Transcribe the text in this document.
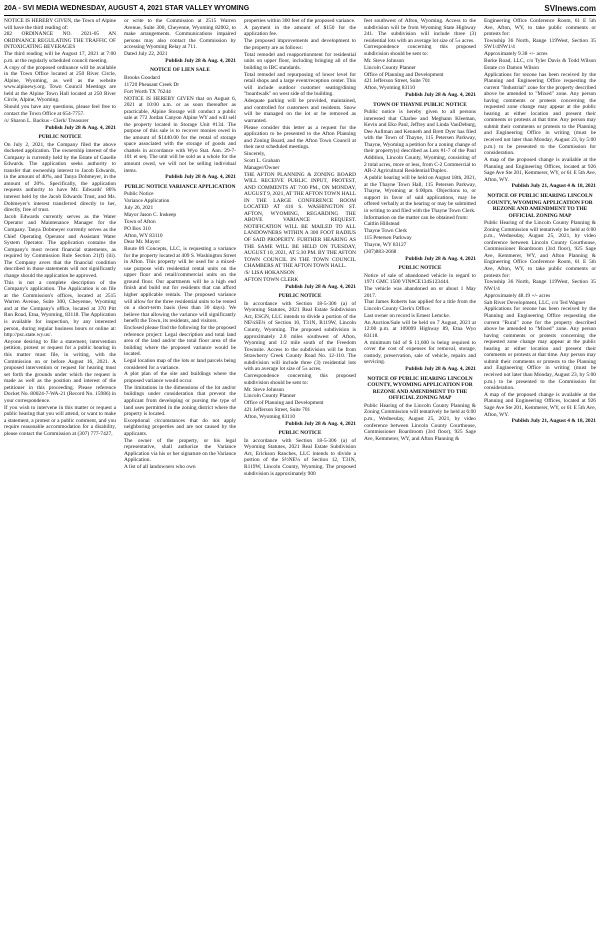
20A - SVI MEDIA WEDNESDAY, AUGUST 4, 2021 STAR VALLEY WYOMING	SVInews.com

NOTICE IS HEREBY GIVEN, the Town of Alpine will have the third reading of:

282 ORDINANCE NO. 2021-05 AN ORDINANCE REGULATING THE TRAFFIC OF INTOXICATING BEVERAGES

The third reading will be August 17, 2021 at 7:00 p.m. at the regularly scheduled council meeting.

A copy of the proposed ordinance will be available in the Town Office located at 250 River Circle, Alpine, Wyoming, as well as the website www.alpinewy.org. Town Council Meetings are held at the Alpine Town Hall located at 250 River Circle, Alpine, Wyoming.

Should you have any questions, please feel free to contact the Town Office at 654-7757.

/s/ Sharon L. Backus - Clerk/ Treasurer

Publish July 28 & Aug. 4, 2021

PUBLIC NOTICE

On July 2, 2021, the Company filed the above docketed application. The ownership interest of the Company is currently held by the Estate of Gaselle Edwards. The application seeks authority to transfer that ownership interest to Jacob Edwards, in the amount of 40%, and Tanya Dobmeyer, in the amount of 20%. Specifically, the application requests authority to have Mr. Edwards' 80% interest held by the Jacob Edwards Trust, and Ms. Dobmeyer's interest transferred directly to her, directly, free of trust.

Jacob Edwards currently serves as the Water Operator and Maintenance Manager for the Company. Tanya Dobmeyer currently serves as the Chief Operating Operator and Assistant Water System Operator. The application contains the Company's most recent financial statements, as required by Commission Rule Section 21(f) (iii). The Company avers that the financial condition described in those statements will not significantly change should the application be approved.

This is not a complete description of the Company's application. The Application is on file at the Commission's offices, located at 2515 Warren Avenue, Suite 300, Cheyenne, Wyoming and at the Company's office, located at 370 Pitt Run Road, Etna, Wyoming, 83118. The Application is available for inspection, by any interested person, during regular business hours or online at: http://psc.state.wy.us/.

Anyone desiring to file a statement, intervention petition, protest or request for a public hearing in this matter must file, in writing, with the Commission on or before August 16, 2021. A proposed intervention or request for hearing must set forth the grounds under which the request is made as well as the position and interest of the petitioner in this proceeding. Please reference Docket No. 80024-7-WA-21 (Record No. 15986) in your correspondence.

If you wish to intervene in this matter or request a public hearing that you will attend, or want to make a statement, a protest or a public comment, and you require reasonable accommodation for a disability, please contact the Commission at (307) 777-7427,

or write to the Commission at 2515 Warren Avenue, Suite 300, Cheyenne, Wyoming 82002, to make arrangements. Communications impaired persons may also contact the Commission by accessing Wyoming Relay at 711.

Dated July 22, 2021

Publish July 28 & Aug. 4, 2021

NOTICE OF LIEN SALE

Brooks Goodard

11720 Pheasant Creek Dr

Fort Worth TX 76244

NOTICE IS HEREBY GIVEN that on August 6, 2021 at 10:00 a.m. or as soon thereafter as practicable, Alpine Storage will conduct a public sale at 772 Jordan Canyon Alpine WY and will sell the property located in Storage Unit #134. The purpose of this sale is to recover monies owed in the amount of $1440.00 for the rental of storage space associated with the storage of goods and chattels in accordance with Wyo Stat. Ann. 29-7-101 et seq. The unit will be sold as a whole for the amount owed, we will not be selling individual items.

Publish July 28 & Aug. 4, 2021

PUBLIC NOTICE VARIANCE APPLICATION

Public Notice

Variance Application

July 26, 2021

Mayor Jason C. Inskeep

Town of Afton

PO Box 310

Afton, WY 83110

Dear Mr. Mayor:

Route 89 Concepts, LLC, is requesting a variance for the property located at 409 S. Washington Street in Afton. This property will be used for a mixed-use purpose with residential rental units on the upper floor and retail/commercial units on the ground floor. Our apartments will be a high end finish and build out for residents that can afford higher applicable rentals. The proposed variance will allow for the three residential units to be rented on a short-term basis (less than 30 days). We believe that allowing the variance will significantly benefit the Town, its residents, and visitors.

Enclosed please find the following for the proposed reference project: Legal description and total land area of the land and/or the total floor area of the building where the proposed variance would be located.

Legal location map of the lots or land parcels being considered for a variance.

A plot plan of the site and buildings where the proposed variance would occur.

The limitations in the dimensions of the lot and/or buildings under consideration that prevent the applicant from developing or pursing the type of land uses permitted in the zoning district where the property is located.

Exceptional circumstances that do not apply neighboring properties and are not caused by the applicants.

The owner of the property, or his legal representative, shall authorize the Variance Application via his or her signature on the Variance Application.

A list of all landowners who own

properties within 300 feet of the proposed variance.

A payment in the amount of $150 for the application fee.

The proposed improvements and development to the property are as follows:

Total remodel and reapportionment for residential units on upper floor, including bringing all of the building to IBC standards.

Total remodel and repurposing of lower level for retail shops and a large event/reception center. This will include outdoor customer seating/dining "boardwalk" on west side of the building.

Adequate parking will be provided, maintained, and controlled for customers and residents. Snow will be managed on the lot or be removed as warranted.

Please consider this letter as a request for the application to be presented to the Afton Planning and Zoning Board, and the Afton Town Council at their next scheduled meetings.

Sincerely,

Scott L. Graham

Manager/Owner

THE AFTON PLANNING & ZONING BOARD WILL RECEIVE PUBLIC INPUT, PROTEST, AND COMMENTS AT 7:00 PM., ON MONDAY, AUGUST 9, 2021, AT THE AFTON TOWN HALL IN THE LARGE CONFERENCE ROOM LOCATED AT 416 S. WASHINGTON ST. AFTON, WYOMING, REGARDING THE ABOVE VARIANCE REQUEST. NOTIFICATION WILL BE MAILED TO ALL LANDOWNERS WITHIN A 300 FOOT RADIUS OF SAID PROPERTY. FURTHER HEARING AS THE SAME WILL BE HELD ON TUESDAY, AUGUST 10, 2021, AT 5:30 PM. BY THE AFTON TOWN COUNCIL IN THE TOWN COUNCIL CHAMBERS AT THE AFTON TOWN HALL.

/S/ LISA HOKANSON

AFTON TOWN CLERK

Publish July 28 & Aug. 4, 2021

PUBLIC NOTICE

In accordance with Section 18-5-306 (a) of Wyoming Statutes, 2021 Real Estate Subdivision Act, ESGN, LLC intends to divide a portion of the NE¼SE¼ of Section 10, T31N, R119W, Lincoln County, Wyoming. The proposed subdivision is approximately 2.0 miles southwest of Afton, Wyoming and 1/2 mile south of the Freedom Townsite. Access to the subdivision will be from Strawberry Creek County Road No. 12-110. The subdivision will include three (3) residential lots with an average lot size of 5± acres.

Correspondence concerning this proposed subdivision should be sent to:

Mr. Steve Johnson

Lincoln County Planner

Office of Planning and Development

421 Jefferson Street, Suite 701

Afton, Wyoming 83110

Publish July 28 & Aug. 4, 2021

PUBLIC NOTICE

In accordance with Section 18-5-306 (a) of Wyoming Statutes, 2021 Real Estate Subdivision Act, Erickson Ranches, LLC intends to divide a portion of the S½NE¼ of Section 12, T31N, R119W, Lincoln County, Wyoming. The proposed subdivision is approximately 900

feet southwest of Afton, Wyoming. Access to the subdivision will be from Wyoming State Highway 241. The subdivision will include three (3) residential lots with an average lot size of 5± acres.

Correspondence concerning this proposed subdivision should be sent to:

Mr. Steve Johnson

Lincoln County Planner

Office of Planning and Development

421 Jefferson Street, Suite 701

Afton, Wyoming 83110

Publish July 28 & Aug. 4, 2021

TOWN OF THAYNE PUBLIC NOTICE

Public notice is hereby given to all persons interested that Charlee and Meghann Kleeman, Kevin and Eko Paul, Jeffrey and Linda VanDeburg, Dee Aullman and Kenneth and Brett Dyer has filed with the Town of Thayne, 115 Petersen Parkway, Thayne, Wyoming a petition for a zoning change of their property(s) described as Lots #1-7 of the Paul Addition, Lincoln County, Wyoming, consisting of 2 total acres, more or less, from C-2 Commercial to AR-2 Agricultural Residential/Duplex.

A public hearing will be held on August 18th, 2021, at the Thayne Town Hall, 115 Petersen Parkway, Thayne, Wyoming at 6:00pm. Objections to, or support in favor of said applications, may be offered verbally at the hearing or may be submitted in writing to and filed with the Thayne Town Clerk.

Information on the matter can be obtained from:

Caitlin Hillstead

Thayne Town Clerk

115 Petersen Parkway

Thayne, WY 83127

(307)883-2668

Publish July 28 & Aug. 4, 2021

PUBLIC NOTICE

Notice of sale of abandoned vehicle in regard to 1971 GMC 1500 VIN#CE134S123444.

The vehicle was abandoned on or about 1 May 2017.

That James Roberts has applied for a title from the Lincoln County Clerk's Office.

Last owner on record is Ernest Lemcke.

An Auction/Sale will be held on 7 August, 2021 at 12:00 p.m. at 109099 Highway 89, Etna Wyo 83118.

A minimum bid of $ 11,600 is being required to cover the cost of expenses for removal, storage, custody, preservation, sale of vehicle, repairs and servicing.

Publish July 28 & Aug. 4, 2021

NOTICE OF PUBLIC HEARING LINCOLN COUNTY, WYOMING APPLICATION FOR REZONE AND AMENDMENT TO THE OFFICIAL ZONING MAP

Public Hearing of the Lincoln County Planning & Zoning Commission will tentatively be held at 6:00 p.m., Wednesday, August 25, 2021, by video conference between Lincoln County Courthouse, Commissioner Boardroom (3rd floor), 925 Sage Ave, Kemmerer, WY, and Afton Planning &

Engineering Office Conference Room, 61 E 5th Ave, Afton, WY, to take public comments or protests for:

Township 36 North, Range 119West, Section 35 SW1/4NW1/4

Approximately 9.38 +/- acres

Burke Road, LLC, c/o Tyler Davis & Todd Wilson Estate c/o Damon Wilson

Applications for rezone has been received by the Planning and Engineering Office requesting the current "Industrial" zone for the property described above be amended to "Mixed" zone. Any person having comments or protests concerning the requested zone change may appear at the public hearing at either location and present their comments or protests at that time. Any person may submit their comments or protests to the Planning and Engineering Office in writing (must be received not later than Monday, August 23, by 5:00 p.m.) to be presented to the Commission for consideration.

A map of the proposed change is available at the Planning and Engineering Offices, located at 926 Sage Ave Ste 201, Kemmerer, WY, or 61 E 5th Ave, Afton, WY.

Publish July 21, August 4 & 18, 2021

NOTICE OF PUBLIC HEARING LINCOLN COUNTY, WYOMING APPLICATION FOR REZONE AND AMENDMENT TO THE OFFICIAL ZONING MAP

Public Hearing of the Lincoln County Planning & Zoning Commission will tentatively be held at 6:00 p.m., Wednesday, August 25, 2021, by video conference between Lincoln County Courthouse, Commissioner Boardroom (3rd floor), 925 Sage Ave, Kemmerer, WY, and Afton Planning & Engineering Office Conference Room, 61 E 5th Ave, Afton, WY, to take public comments or protests for:

Township 36 North, Range 119West, Section 35 NW1/4

Approximately 48.19 +/- acres

Salt River Development, LLC, c/o Ted Wagner

Applications for rezone has been received by the Planning and Engineering Office requesting the current "Rural" zone for the property described above be amended to "Mixed" zone. Any person having comments or protests concerning the requested zone change may appear at the public hearing at either location and present their comments or protests at that time. Any person may submit their comments or protests to the Planning and Engineering Office in writing (must be received not later than Monday, August 23, by 5:00 p.m.) to be presented to the Commission for consideration.

A map of the proposed change is available at the Planning and Engineering Offices, located at 926 Sage Ave Ste 201, Kemmerer, WY, or 61 E 5th Ave, Afton, WY.

Publish July 21, August 4 & 18, 2021
